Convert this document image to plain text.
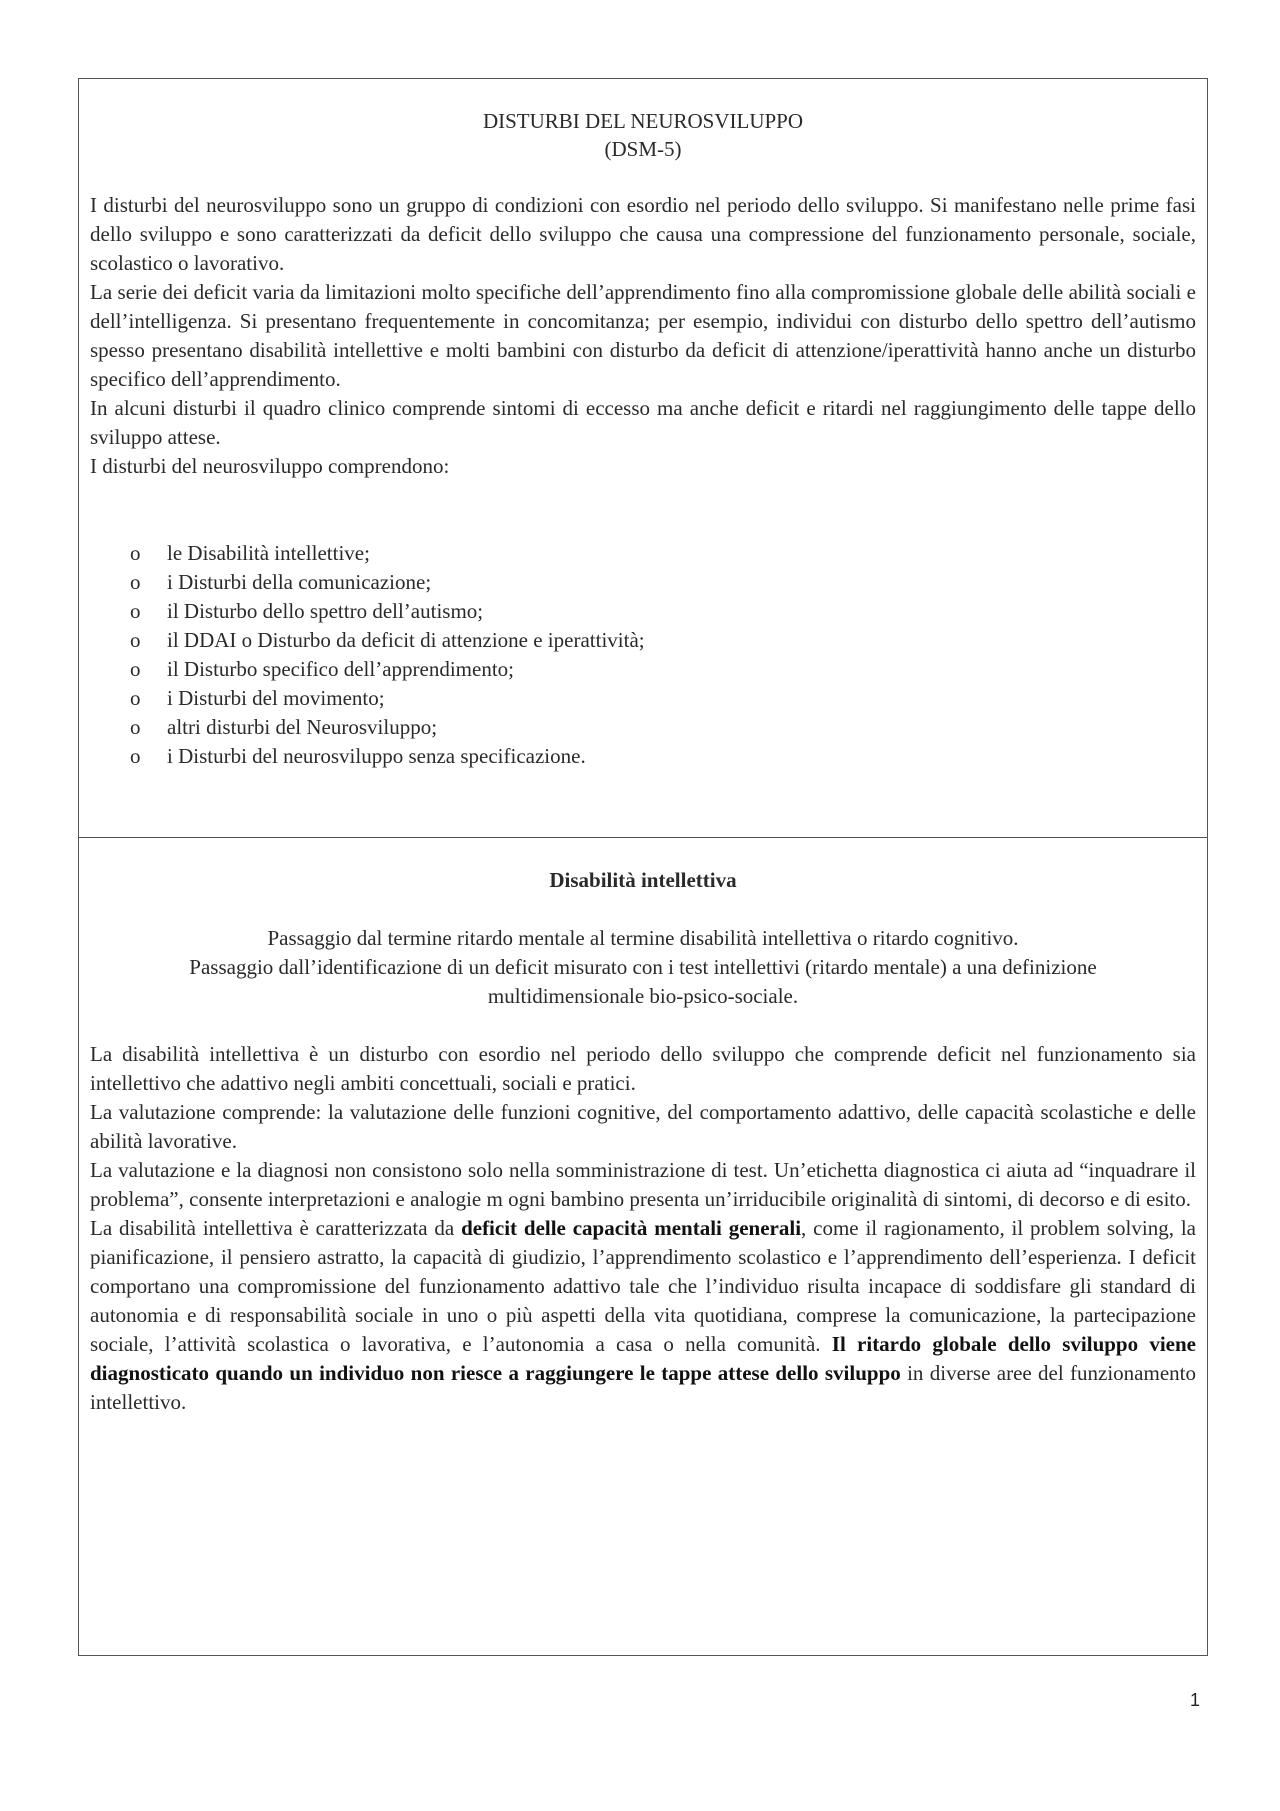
DISTURBI DEL NEUROSVILUPPO
(DSM-5)

I disturbi del neurosviluppo sono un gruppo di condizioni con esordio nel periodo dello sviluppo. Si manifestano nelle prime fasi dello sviluppo e sono caratterizzati da deficit dello sviluppo che causa una compressione del funzionamento personale, sociale, scolastico o lavorativo.

La serie dei deficit varia da limitazioni molto specifiche dell’apprendimento fino alla compromissione globale delle abilità sociali e dell’intelligenza. Si presentano frequentemente in concomitanza; per esempio, individui con disturbo dello spettro dell’autismo spesso presentano disabilità intellettive e molti bambini con disturbo da deficit di attenzione/iperattività hanno anche un disturbo specifico dell’apprendimento.

In alcuni disturbi il quadro clinico comprende sintomi di eccesso ma anche deficit e ritardi nel raggiungimento delle tappe dello sviluppo attese.

I disturbi del neurosviluppo comprendono:

o le Disabilità intellettive;
o i Disturbi della comunicazione;
o il Disturbo dello spettro dell’autismo;
o il DDAI o Disturbo da deficit di attenzione e iperattività;
o il Disturbo specifico dell’apprendimento;
o i Disturbi del movimento;
o altri disturbi del Neurosviluppo;
o i Disturbi del neurosviluppo senza specificazione.
Disabilità intellettiva

Passaggio dal termine ritardo mentale al termine disabilità intellettiva o ritardo cognitivo.

Passaggio dall’identificazione di un deficit misurato con i test intellettivi (ritardo mentale) a una definizione multidimensionale bio-psico-sociale.

La disabilità intellettiva è un disturbo con esordio nel periodo dello sviluppo che comprende deficit nel funzionamento sia intellettivo che adattivo negli ambiti concettuali, sociali e pratici.

La valutazione comprende: la valutazione delle funzioni cognitive, del comportamento adattivo, delle capacità scolastiche e delle abilità lavorative.

La valutazione e la diagnosi non consistono solo nella somministrazione di test. Un’etichetta diagnostica ci aiuta ad “inquadrare il problema”, consente interpretazioni e analogie m ogni bambino presenta un’irriducibile originalità di sintomi, di decorso e di esito.

La disabilità intellettiva è caratterizzata da deficit delle capacità mentali generali, come il ragionamento, il problem solving, la pianificazione, il pensiero astratto, la capacità di giudizio, l’apprendimento scolastico e l’apprendimento dell’esperienza. I deficit comportano una compromissione del funzionamento adattivo tale che l’individuo risulta incapace di soddisfare gli standard di autonomia e di responsabilità sociale in uno o più aspetti della vita quotidiana, comprese la comunicazione, la partecipazione sociale, l’attività scolastica o lavorativa, e l’autonomia a casa o nella comunità. Il ritardo globale dello sviluppo viene diagnosticato quando un individuo non riesce a raggiungere le tappe attese dello sviluppo in diverse aree del funzionamento intellettivo.

1
